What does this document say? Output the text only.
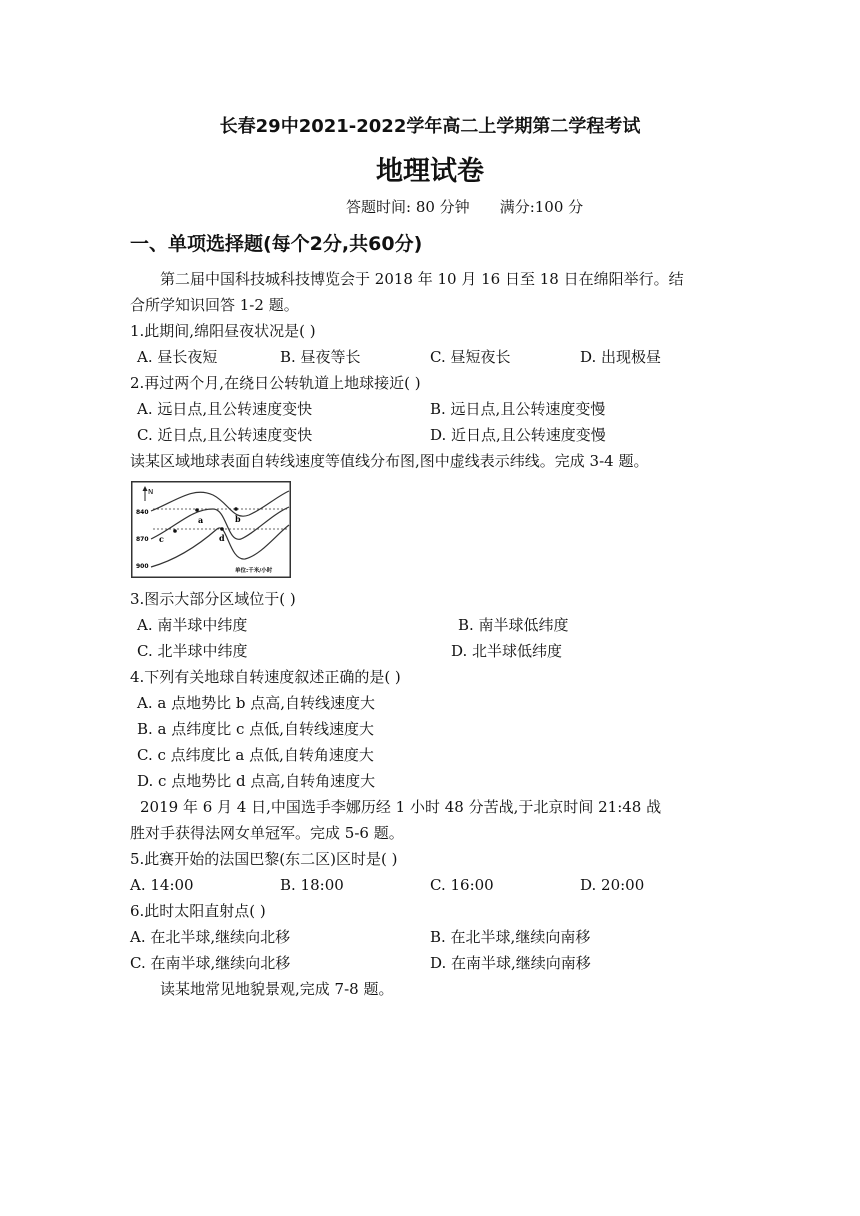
长春29中2021-2022学年高二上学期第二学程考试
地理试卷
答题时间: 80 分钟 满分:100 分
一、单项选择题(每个2分,共60分)
第二届中国科技城科技博览会于 2018 年 10 月 16 日至 18 日在绵阳举行。结
合所学知识回答 1-2 题。
1.此期间,绵阳昼夜状况是( )
A. 昼长夜短	B. 昼夜等长	C. 昼短夜长	D. 出现极昼
2.再过两个月,在绕日公转轨道上地球接近( )
A. 远日点,且公转速度变快	B. 远日点,且公转速度变慢
C. 近日点,且公转速度变快	D. 近日点,且公转速度变慢
读某区域地球表面自转线速度等值线分布图,图中虚线表示纬线。完成 3-4 题。
N
840
870
900
a	b
c	d
单位:千米/小时
3.图示大部分区域位于( )
A. 南半球中纬度	B. 南半球低纬度
C. 北半球中纬度	D. 北半球低纬度
4.下列有关地球自转速度叙述正确的是( )
A. a 点地势比 b 点高,自转线速度大
B. a 点纬度比 c 点低,自转线速度大
C. c 点纬度比 a 点低,自转角速度大
D. c 点地势比 d 点高,自转角速度大
2019 年 6 月 4 日,中国选手李娜历经 1 小时 48 分苦战,于北京时间 21:48 战
胜对手获得法网女单冠军。完成 5-6 题。
5.此赛开始的法国巴黎(东二区)区时是( )
A. 14:00	B. 18:00	C. 16:00	D. 20:00
6.此时太阳直射点( )
A. 在北半球,继续向北移	B. 在北半球,继续向南移
C. 在南半球,继续向北移	D. 在南半球,继续向南移
读某地常见地貌景观,完成 7-8 题。
